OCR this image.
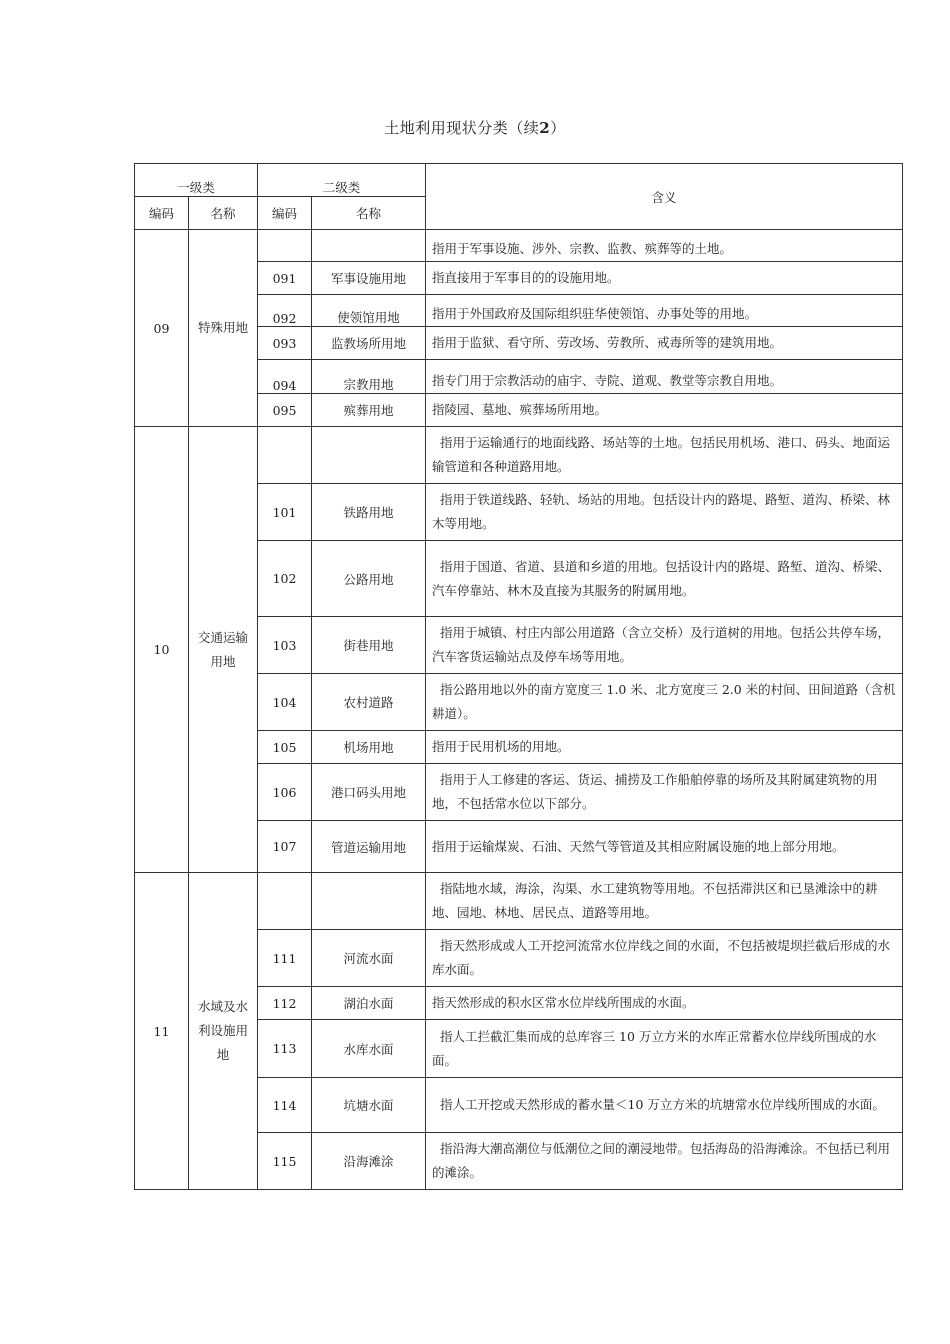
土地利用现状分类（续2）
一级类		二级类		含义
编码	名称	编码	名称	
09	特殊用地			指用于军事设施、涉外、宗教、监教、殡葬等的土地。
		091	军事设施用地	指直接用于军事目的的设施用地。
		092	使领馆用地	指用于外国政府及国际组织驻华使领馆、办事处等的用地。
		093	监教场所用地	指用于监狱、看守所、劳改场、劳教所、戒毒所等的建筑用地。
		094	宗教用地	指专门用于宗教活动的庙宇、寺院、道观、教堂等宗教自用地。
		095	殡葬用地	指陵园、墓地、殡葬场所用地。
10	交通运输用地			指用于运输通行的地面线路、场站等的土地。包括民用机场、港口、码头、地面运输管道和各种道路用地。
		101	铁路用地	指用于铁道线路、轻轨、场站的用地。包括设计内的路堤、路堑、道沟、桥梁、林木等用地。
		102	公路用地	指用于国道、省道、县道和乡道的用地。包括设计内的路堤、路堑、道沟、桥梁、汽车停靠站、林木及直接为其服务的附属用地。
		103	街巷用地	指用于城镇、村庄内部公用道路（含立交桥）及行道树的用地。包括公共停车场，汽车客货运输站点及停车场等用地。
		104	农村道路	指公路用地以外的南方宽度三 1.0 米、北方宽度三 2.0 米的村间、田间道路（含机耕道）。
		105	机场用地	指用于民用机场的用地。
		106	港口码头用地	指用于人工修建的客运、货运、捕捞及工作船舶停靠的场所及其附属建筑物的用地，不包括常水位以下部分。
		107	管道运输用地	指用于运输煤炭、石油、天然气等管道及其相应附属设施的地上部分用地。
11	水域及水利设施用地			指陆地水域，海涂，沟渠、水工建筑物等用地。不包括滞洪区和已垦滩涂中的耕地、园地、林地、居民点、道路等用地。
		111	河流水面	指天然形成或人工开挖河流常水位岸线之间的水面，不包括被堤坝拦截后形成的水库水面。
		112	湖泊水面	指天然形成的积水区常水位岸线所围成的水面。
		113	水库水面	指人工拦截汇集而成的总库容三 10 万立方米的水库正常蓄水位岸线所围成的水面。
		114	坑塘水面	指人工开挖或天然形成的蓄水量＜10 万立方米的坑塘常水位岸线所围成的水面。
		115	沿海滩涂	指沿海大潮高潮位与低潮位之间的潮浸地带。包括海岛的沿海滩涂。不包括已利用的滩涂。
